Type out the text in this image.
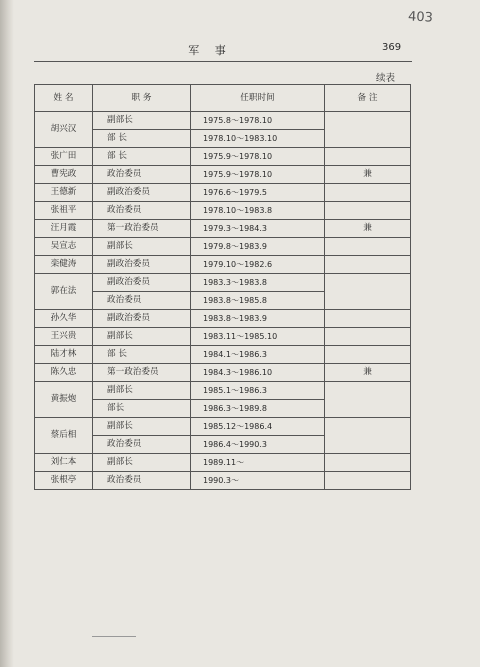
403
军 事	369
续表
姓 名	职 务	任职时间	备 注
胡兴汉	副部长	1975.8～1978.10	
	部 长	1978.10～1983.10	
张广田	部 长	1975.9～1978.10	
曹宪政	政治委员	1975.9～1978.10	兼
王德新	副政治委员	1976.6～1979.5	
张祖平	政治委员	1978.10～1983.8	
汪月霞	第一政治委员	1979.3～1984.3	兼
吴宣志	副部长	1979.8～1983.9	
栾健涛	副政治委员	1979.10～1982.6	
郭在法	副政治委员	1983.3～1983.8	
	政治委员	1983.8～1985.8	
孙久华	副政治委员	1983.8～1983.9	
王兴贵	副部长	1983.11～1985.10	
陆才林	部 长	1984.1～1986.3	
陈久忠	第一政治委员	1984.3～1986.10	兼
黄振炮	副部长	1985.1～1986.3	
	部长	1986.3～1989.8	
蔡后相	副部长	1985.12～1986.4	
	政治委员	1986.4～1990.3	
刘仁本	副部长	1989.11～	
张根亭	政治委员	1990.3～	
